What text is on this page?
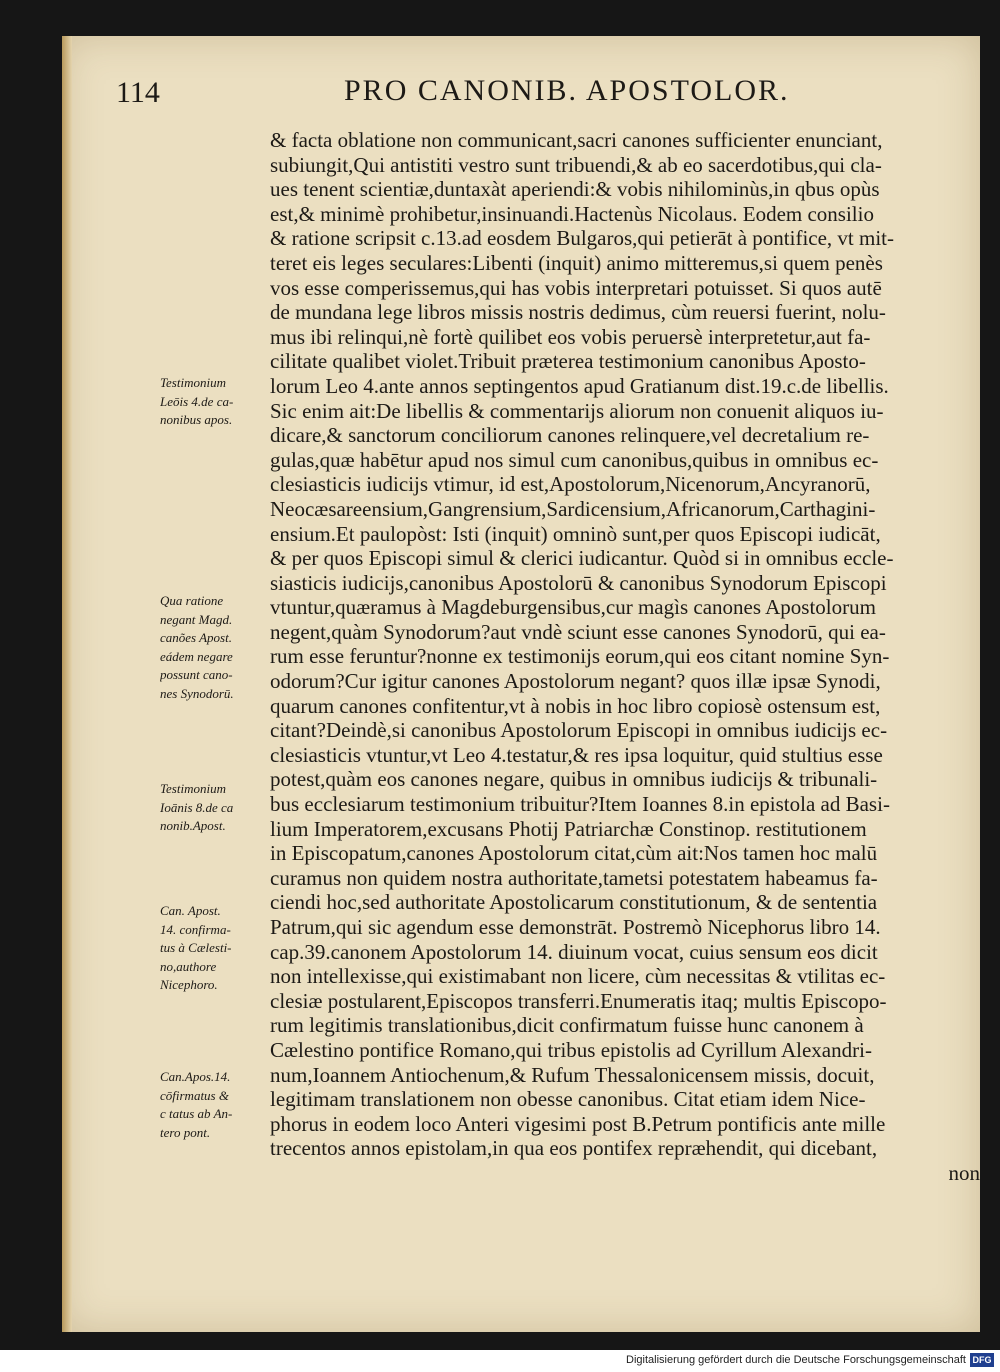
114	PRO CANONIB. APOSTOLOR.
& facta oblatione non communicant,sacri canones sufficienter enunciant,
subiungit,Qui antistiti vestro sunt tribuendi,& ab eo sacerdotibus,qui cla-
ues tenent scientiæ,duntaxàt aperiendi:& vobis nihilominùs,in qbus opùs
est,& minimè prohibetur,insinuandi.Hactenùs Nicolaus. Eodem consilio
& ratione scripsit c.13.ad eosdem Bulgaros,qui petierāt à pontifice, vt mit-
teret eis leges seculares:Libenti (inquit) animo mitteremus,si quem penès
vos esse comperissemus,qui has vobis interpretari potuisset. Si quos autē
de mundana lege libros missis nostris dedimus, cùm reuersi fuerint, nolu-
mus ibi relinqui,nè fortè quilibet eos vobis peruersè interpretetur,aut fa-
cilitate qualibet violet.Tribuit præterea testimonium canonibus Aposto-
lorum Leo 4.ante annos septingentos apud Gratianum dist.19.c.de libellis.
Sic enim ait:De libellis & commentarijs aliorum non conuenit aliquos iu-
dicare,& sanctorum conciliorum canones relinquere,vel decretalium re-
gulas,quæ habētur apud nos simul cum canonibus,quibus in omnibus ec-
clesiasticis iudicijs vtimur, id est,Apostolorum,Nicenorum,Ancyranorū,
Neocæsareensium,Gangrensium,Sardicensium,Africanorum,Carthagini-
ensium.Et paulopòst: Isti (inquit) omninò sunt,per quos Episcopi iudicāt,
& per quos Episcopi simul & clerici iudicantur. Quòd si in omnibus eccle-
siasticis iudicijs,canonibus Apostolorū & canonibus Synodorum Episcopi
vtuntur,quæramus à Magdeburgensibus,cur magìs canones Apostolorum
negent,quàm Synodorum?aut vndè sciunt esse canones Synodorū, qui ea-
rum esse feruntur?nonne ex testimonijs eorum,qui eos citant nomine Syn-
odorum?Cur igitur canones Apostolorum negant? quos illæ ipsæ Synodi,
quarum canones confitentur,vt à nobis in hoc libro copiosè ostensum est,
citant?Deindè,si canonibus Apostolorum Episcopi in omnibus iudicijs ec-
clesiasticis vtuntur,vt Leo 4.testatur,& res ipsa loquitur, quid stultius esse
potest,quàm eos canones negare, quibus in omnibus iudicijs & tribunali-
bus ecclesiarum testimonium tribuitur?Item Ioannes 8.in epistola ad Basi-
lium Imperatorem,excusans Photij Patriarchæ Constinop. restitutionem
in Episcopatum,canones Apostolorum citat,cùm ait:Nos tamen hoc malū
curamus non quidem nostra authoritate,tametsi potestatem habeamus fa-
ciendi hoc,sed authoritate Apostolicarum constitutionum, & de sententia
Patrum,qui sic agendum esse demonstrāt. Postremò Nicephorus libro 14.
cap.39.canonem Apostolorum 14. diuinum vocat, cuius sensum eos dicit
non intellexisse,qui existimabant non licere, cùm necessitas & vtilitas ec-
clesiæ postularent,Episcopos transferri.Enumeratis itaq; multis Episcopo-
rum legitimis translationibus,dicit confirmatum fuisse hunc canonem à
Cælestino pontifice Romano,qui tribus epistolis ad Cyrillum Alexandri-
num,Ioannem Antiochenum,& Rufum Thessalonicensem missis, docuit,
legitimam translationem non obesse canonibus. Citat etiam idem Nice-
phorus in eodem loco Anteri vigesimi post B.Petrum pontificis ante mille
trecentos annos epistolam,in qua eos pontifex repræhendit, qui dicebant,
non
Testimonium
Leōis 4.de ca-
nonibus apos.
Qua ratione
negant Magd.
canões Apost.
eádem negare
possunt cano-
nes Synodorū.
Testimonium
Ioānis 8.de ca
nonib.Apost.
Can. Apost.
14. confirma-
tus à Cælesti-
no,authore
Nicephoro.
Can.Apos.14.
cōfirmatus &
c tatus ab An-
tero pont.
Digitalisierung gefördert durch die Deutsche Forschungsgemeinschaft DFG
